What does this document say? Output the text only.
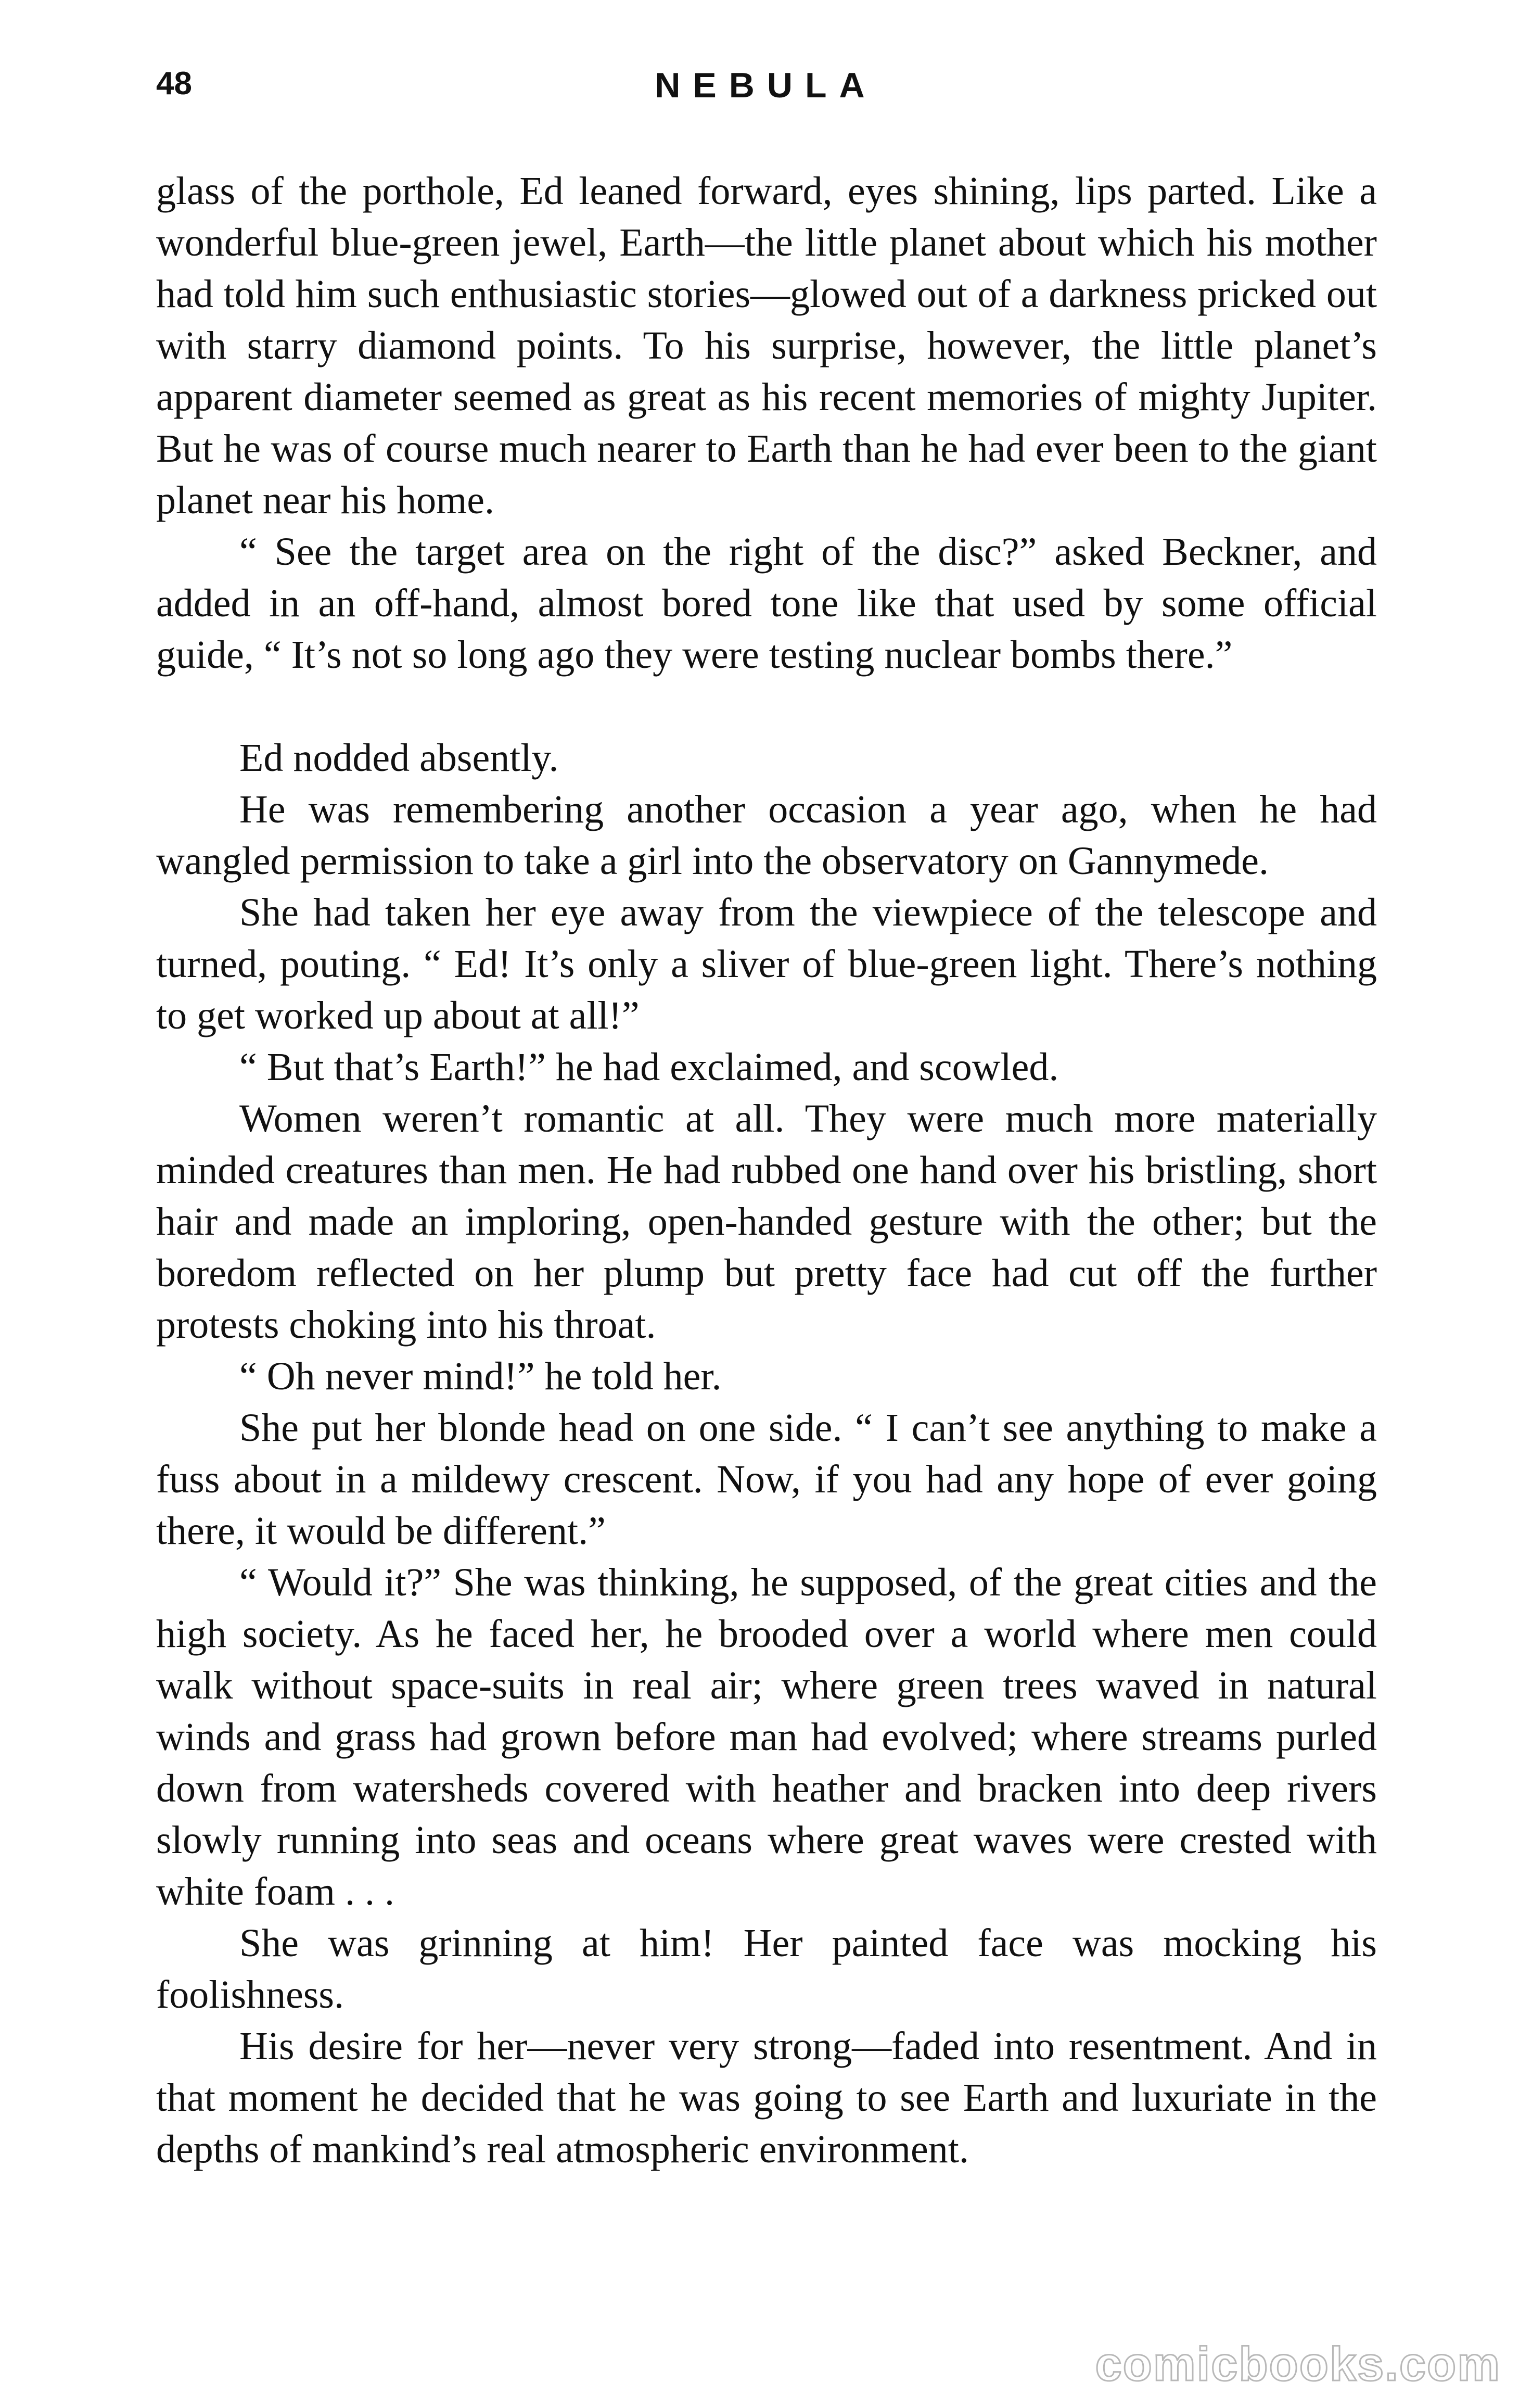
48	NEBULA

glass of the porthole, Ed leaned forward, eyes shining, lips parted. Like a wonderful blue-green jewel, Earth—the little planet about which his mother had told him such enthusiastic stories—glowed out of a darkness pricked out with starry diamond points. To his surprise, however, the little planet’s apparent diameter seemed as great as his recent memories of mighty Jupiter. But he was of course much nearer to Earth than he had ever been to the giant planet near his home.

“ See the target area on the right of the disc?” asked Beckner, and added in an off-hand, almost bored tone like that used by some official guide, “ It’s not so long ago they were testing nuclear bombs there.”

Ed nodded absently.

He was remembering another occasion a year ago, when he had wangled permission to take a girl into the observatory on Gannymede.

She had taken her eye away from the viewpiece of the telescope and turned, pouting. “ Ed! It’s only a sliver of blue-green light. There’s nothing to get worked up about at all!”

“ But that’s Earth!” he had exclaimed, and scowled.

Women weren’t romantic at all. They were much more materially minded creatures than men. He had rubbed one hand over his bristling, short hair and made an imploring, open-handed gesture with the other; but the boredom reflected on her plump but pretty face had cut off the further protests choking into his throat.

“ Oh never mind!” he told her.

She put her blonde head on one side. “ I can’t see anything to make a fuss about in a mildewy crescent. Now, if you had any hope of ever going there, it would be different.”

“ Would it?” She was thinking, he supposed, of the great cities and the high society. As he faced her, he brooded over a world where men could walk without space-suits in real air; where green trees waved in natural winds and grass had grown before man had evolved; where streams purled down from watersheds covered with heather and bracken into deep rivers slowly running into seas and oceans where great waves were crested with white foam . . .

She was grinning at him! Her painted face was mocking his foolishness.

His desire for her—never very strong—faded into resentment. And in that moment he decided that he was going to see Earth and luxuriate in the depths of mankind’s real atmospheric environment.

comicbooks.com
